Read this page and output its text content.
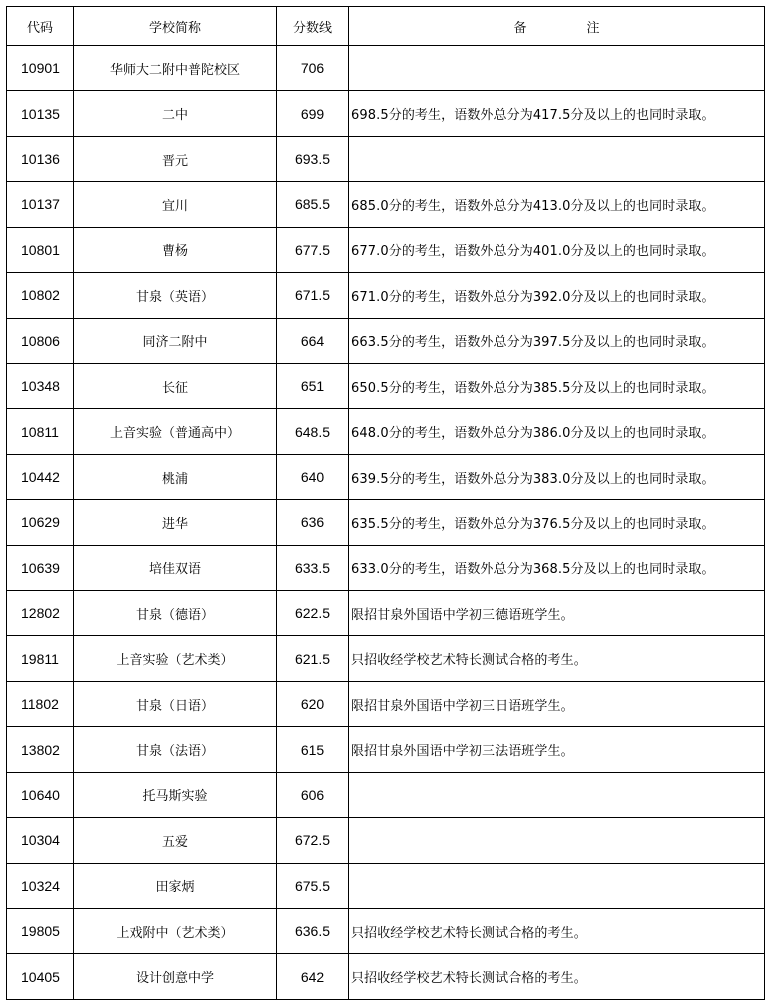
代码	学校简称	分数线	备 注
10901	华师大二附中普陀校区	706	
10135	二中	699	698.5分的考生，语数外总分为417.5分及以上的也同时录取。
10136	晋元	693.5	
10137	宜川	685.5	685.0分的考生，语数外总分为413.0分及以上的也同时录取。
10801	曹杨	677.5	677.0分的考生，语数外总分为401.0分及以上的也同时录取。
10802	甘泉（英语）	671.5	671.0分的考生，语数外总分为392.0分及以上的也同时录取。
10806	同济二附中	664	663.5分的考生，语数外总分为397.5分及以上的也同时录取。
10348	长征	651	650.5分的考生，语数外总分为385.5分及以上的也同时录取。
10811	上音实验（普通高中）	648.5	648.0分的考生，语数外总分为386.0分及以上的也同时录取。
10442	桃浦	640	639.5分的考生，语数外总分为383.0分及以上的也同时录取。
10629	进华	636	635.5分的考生，语数外总分为376.5分及以上的也同时录取。
10639	培佳双语	633.5	633.0分的考生，语数外总分为368.5分及以上的也同时录取。
12802	甘泉（德语）	622.5	限招甘泉外国语中学初三德语班学生。
19811	上音实验（艺术类）	621.5	只招收经学校艺术特长测试合格的考生。
11802	甘泉（日语）	620	限招甘泉外国语中学初三日语班学生。
13802	甘泉（法语）	615	限招甘泉外国语中学初三法语班学生。
10640	托马斯实验	606	
10304	五爱	672.5	
10324	田家炳	675.5	
19805	上戏附中（艺术类）	636.5	只招收经学校艺术特长测试合格的考生。
10405	设计创意中学	642	只招收经学校艺术特长测试合格的考生。
